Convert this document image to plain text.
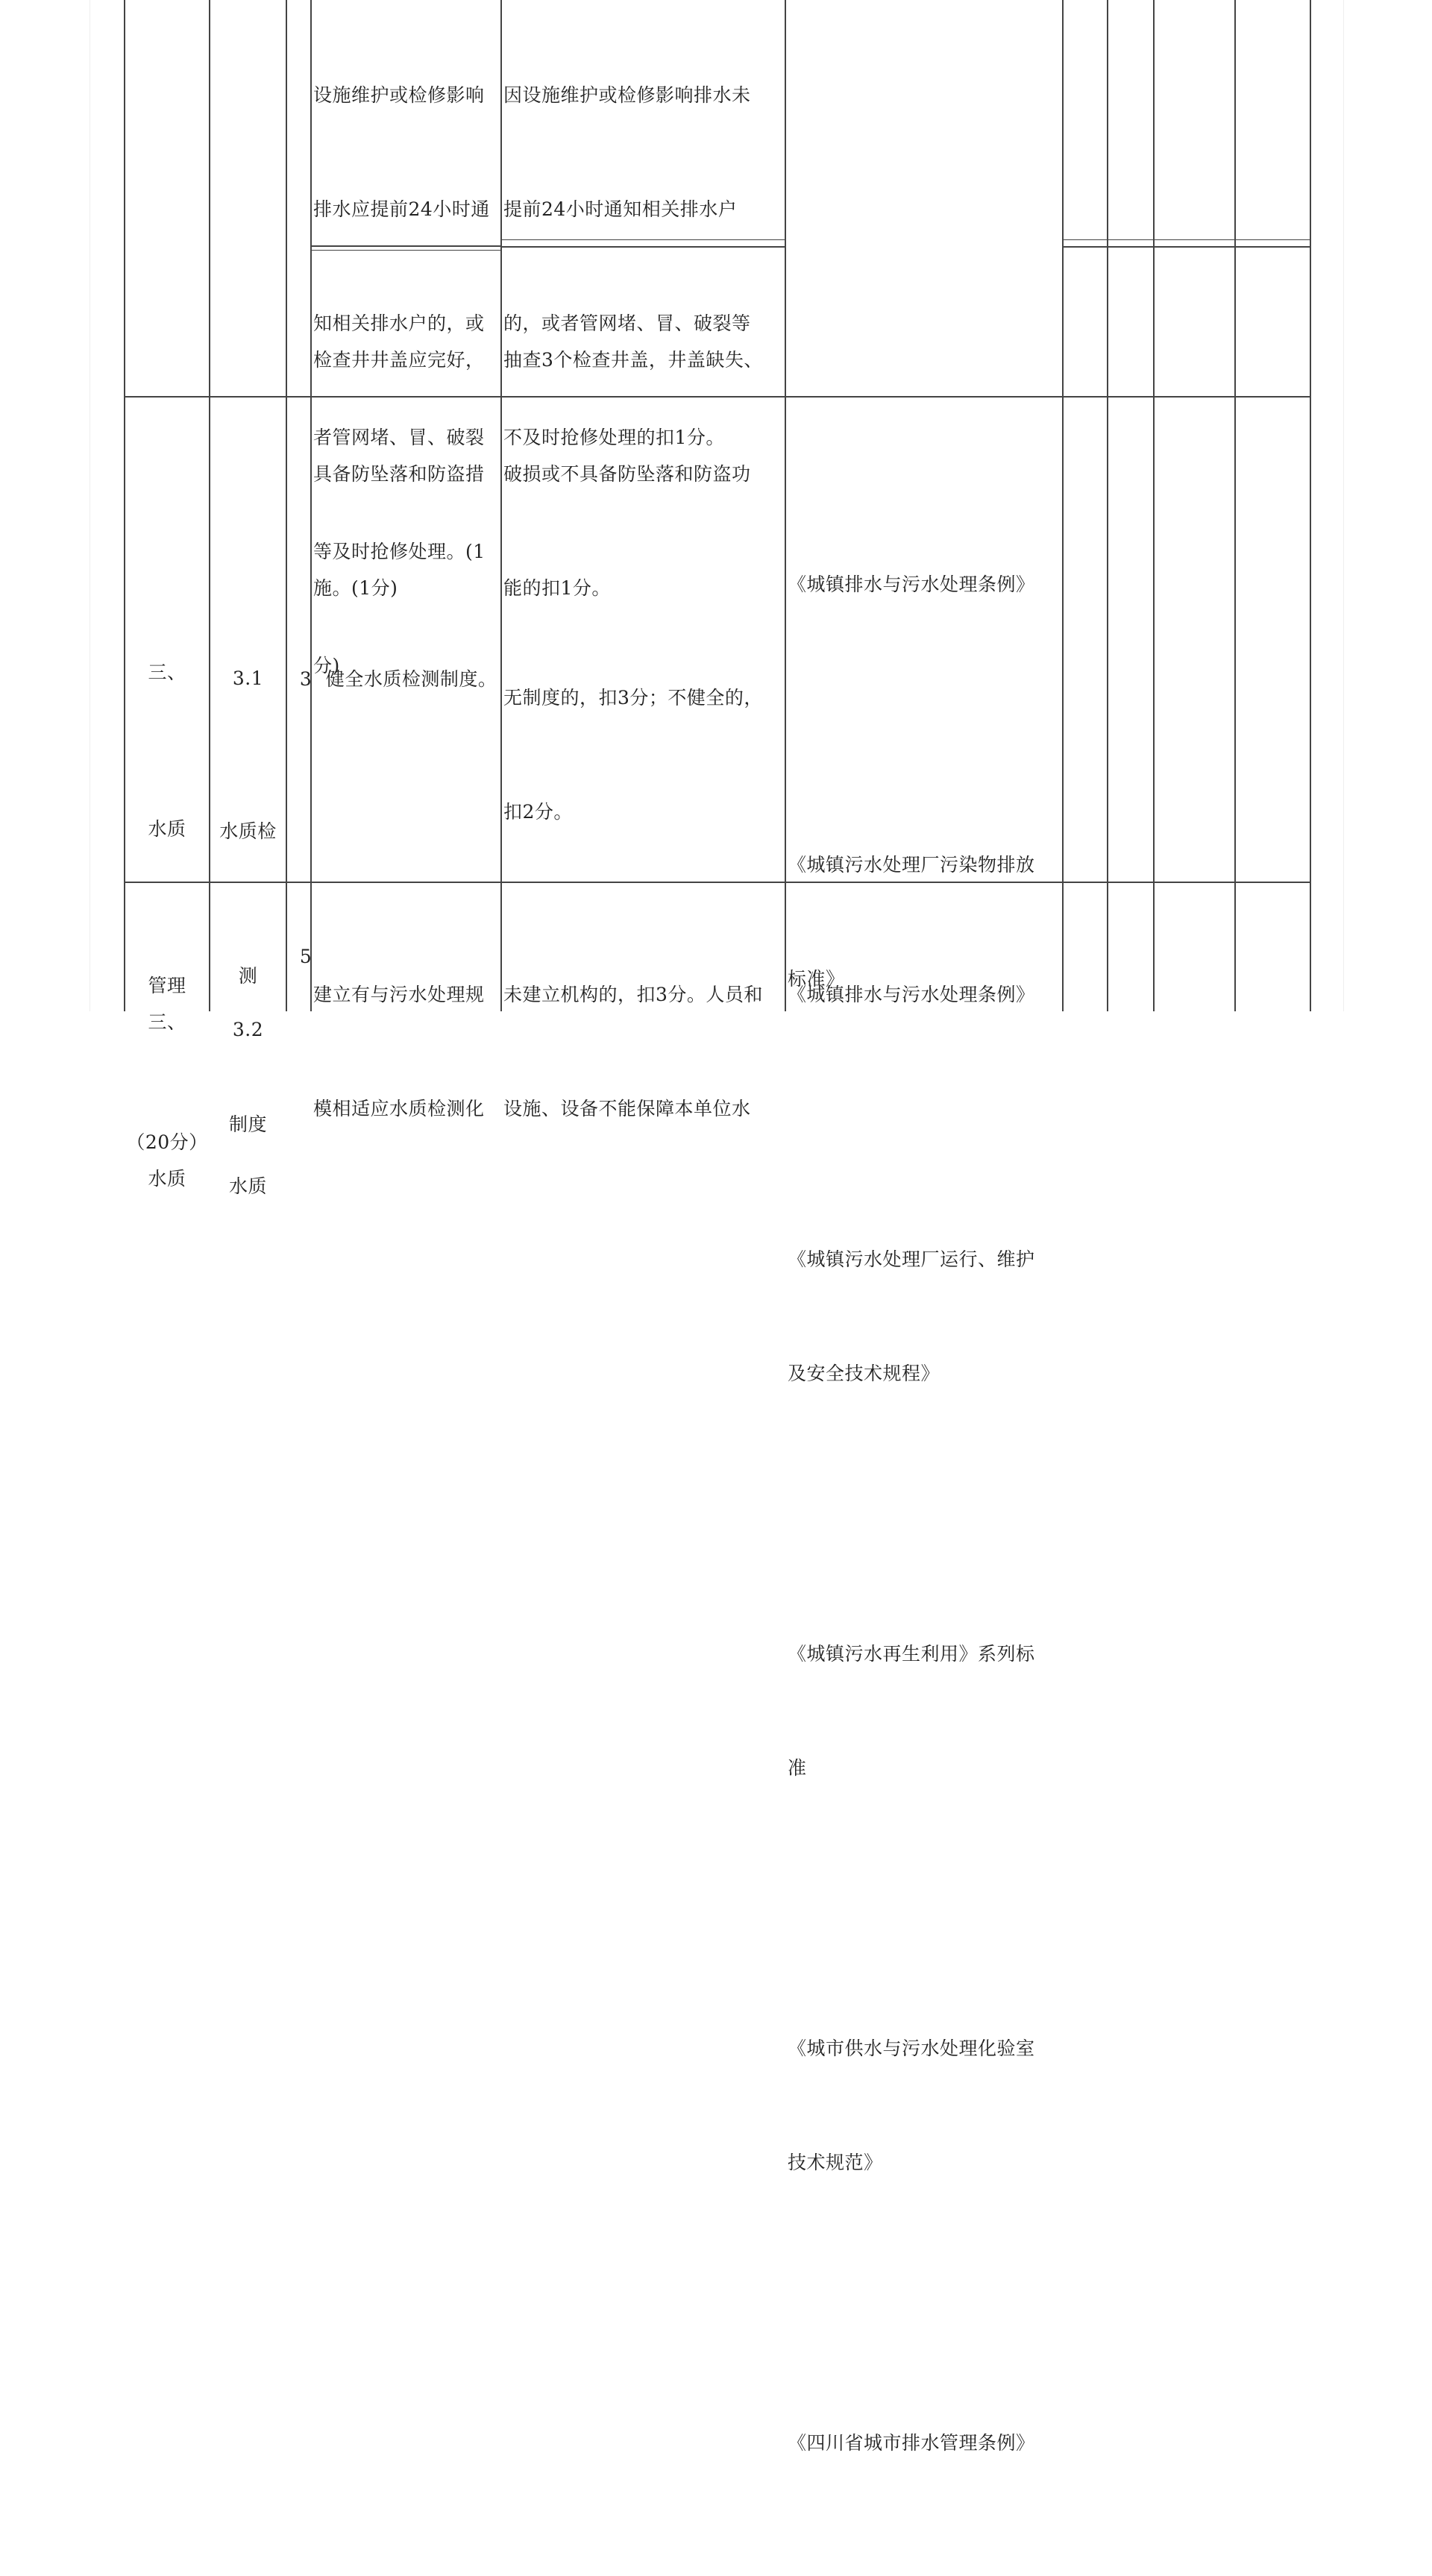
设施维护或检修影响

排水应提前24小时通

知相关排水户的，或

者管网堵、冒、破裂

等及时抢修处理。(1

分)

因设施维护或检修影响排水未

提前24小时通知相关排水户

的，或者管网堵、冒、破裂等

不及时抢修处理的扣1分。

检查井井盖应完好，

具备防坠落和防盗措

施。(1分)

抽查3个检查井盖，井盖缺失、

破损或不具备防坠落和防盗功

能的扣1分。

三、

水质

管理

（20分）

3.1

水质检

测

制度

3 健全水质检测制度。

无制度的，扣3分；不健全的，

扣2分。

《城镇排水与污水处理条例》

《城镇污水处理厂污染物排放

标准》

《城镇污水处理厂运行、维护

及安全技术规程》

《城镇污水再生利用》系列标

准

《城市供水与污水处理化验室

技术规范》

《四川省城市排水管理条例》

三、

水质

3.2

水质

5

建立有与污水处理规

模相适应水质检测化

未建立机构的，扣3分。人员和

设施、设备不能保障本单位水

《城镇排水与污水处理条例》
